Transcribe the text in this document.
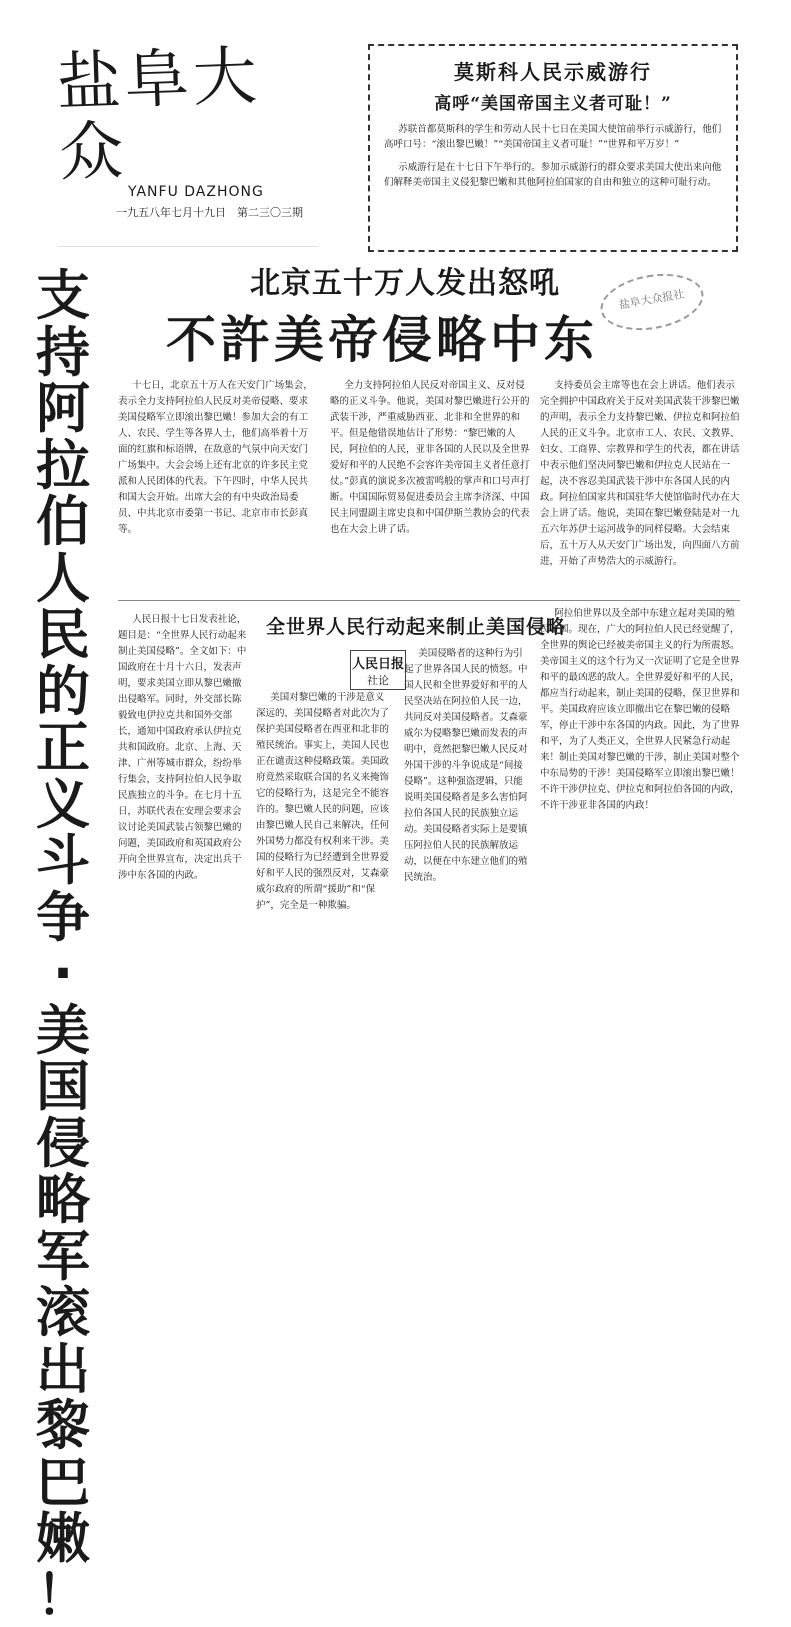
盐阜大众
YANFU DAZHONG
一九五八年七月十九日　第二三〇三期
莫斯科人民示威游行
高呼“美国帝国主义者可耻！”

苏联首都莫斯科的学生和劳动人民十七日在美国大使馆前举行示威游行，他们高呼口号：“滚出黎巴嫩！”“美国帝国主义者可耻！”“世界和平万岁！”

示威游行是在十七日下午举行的。参加示威游行的群众要求美国大使出来向他们解释美帝国主义侵犯黎巴嫩和其他阿拉伯国家的自由和独立的这种可耻行动。

支
持
阿
拉
伯
人
民
的
正
义
斗
争
·
美
国
侵
略
军
滚
出
黎
巴
嫩
！
盐阜大众报社
北京五十万人发出怒吼
不許美帝侵略中东

十七日，北京五十万人在天安门广场集会，表示全力支持阿拉伯人民反对美帝侵略、要求美国侵略军立即滚出黎巴嫩！参加大会的有工人、农民、学生等各界人士，他们高举着十万面的红旗和标语牌，在敌意的气氛中向天安门广场集中。大会会场上还有北京的许多民主党派和人民团体的代表。下午四时，中华人民共和国大会开始。出席大会的有中央政治局委员、中共北京市委第一书记、北京市市长彭真等。

全力支持阿拉伯人民反对帝国主义、反对侵略的正义斗争。他说，美国对黎巴嫩进行公开的武装干涉，严重威胁西亚、北非和全世界的和平。但是他错误地估计了形势：“黎巴嫩的人民，阿拉伯的人民，亚非各国的人民以及全世界爱好和平的人民绝不会容许美帝国主义者任意打仗。”彭真的演说多次被雷鸣般的掌声和口号声打断。中国国际贸易促进委员会主席李济深、中国民主同盟副主席史良和中国伊斯兰教协会的代表也在大会上讲了话。

支持委员会主席等也在会上讲话。他们表示完全拥护中国政府关于反对美国武装干涉黎巴嫩的声明，表示全力支持黎巴嫩、伊拉克和阿拉伯人民的正义斗争。北京市工人、农民、文教界、妇女、工商界、宗教界和学生的代表，都在讲话中表示他们坚决同黎巴嫩和伊拉克人民站在一起，决不容忍美国武装干涉中东各国人民的内政。阿拉伯国家共和国驻华大使馆临时代办在大会上讲了话。他说，美国在黎巴嫩登陆是对一九五六年苏伊士运河战争的同样侵略。大会结束后，五十万人从天安门广场出发，向四面八方前进，开始了声势浩大的示威游行。

人民日报十七日发表社论，题目是：“全世界人民行动起来制止美国侵略”。全文如下：中国政府在十月十六日，发表声明，要求美国立即从黎巴嫩撤出侵略军。同时，外交部长陈毅致电伊拉克共和国外交部长，通知中国政府承认伊拉克共和国政府。北京、上海、天津、广州等城市群众，纷纷举行集会，支持阿拉伯人民争取民族独立的斗争。在七月十五日，苏联代表在安理会要求会议讨论美国武装占领黎巴嫩的问题，美国政府和英国政府公开向全世界宣布，决定出兵干涉中东各国的内政。

全世界人民行动起来制止美国侵略
人民日报
社论

美国对黎巴嫩的干涉是意义深远的，美国侵略者对此次为了保护美国侵略者在西亚和北非的殖民统治。事实上，美国人民也正在谴责这种侵略政策。美国政府竟然采取联合国的名义来掩饰它的侵略行为，这是完全不能容许的。黎巴嫩人民的问题，应该由黎巴嫩人民自己来解决，任何外国势力都没有权利来干涉。美国的侵略行为已经遭到全世界爱好和平人民的强烈反对，艾森豪威尔政府的所谓“援助”和“保护”，完全是一种欺骗。

美国侵略者的这种行为引起了世界各国人民的愤怒。中国人民和全世界爱好和平的人民坚决站在阿拉伯人民一边，共同反对美国侵略者。艾森豪威尔为侵略黎巴嫩而发表的声明中，竟然把黎巴嫩人民反对外国干涉的斗争说成是“间接侵略”。这种强盗逻辑，只能说明美国侵略者是多么害怕阿拉伯各国人民的民族独立运动。美国侵略者实际上是要镇压阿拉伯人民的民族解放运动，以便在中东建立他们的殖民统治。

阿拉伯世界以及全部中东建立起对美国的殖民帝国。现在，广大的阿拉伯人民已经觉醒了，全世界的舆论已经被美帝国主义的行为所震怒。美帝国主义的这个行为又一次证明了它是全世界和平的最凶恶的敌人。全世界爱好和平的人民，都应当行动起来，制止美国的侵略，保卫世界和平。美国政府应该立即撤出它在黎巴嫩的侵略军，停止干涉中东各国的内政。因此，为了世界和平，为了人类正义，全世界人民紧急行动起来！制止美国对黎巴嫩的干涉，制止美国对整个中东局势的干涉！美国侵略军立即滚出黎巴嫩！不许干涉伊拉克、伊拉克和阿拉伯各国的内政，不许干涉亚非各国的内政！
